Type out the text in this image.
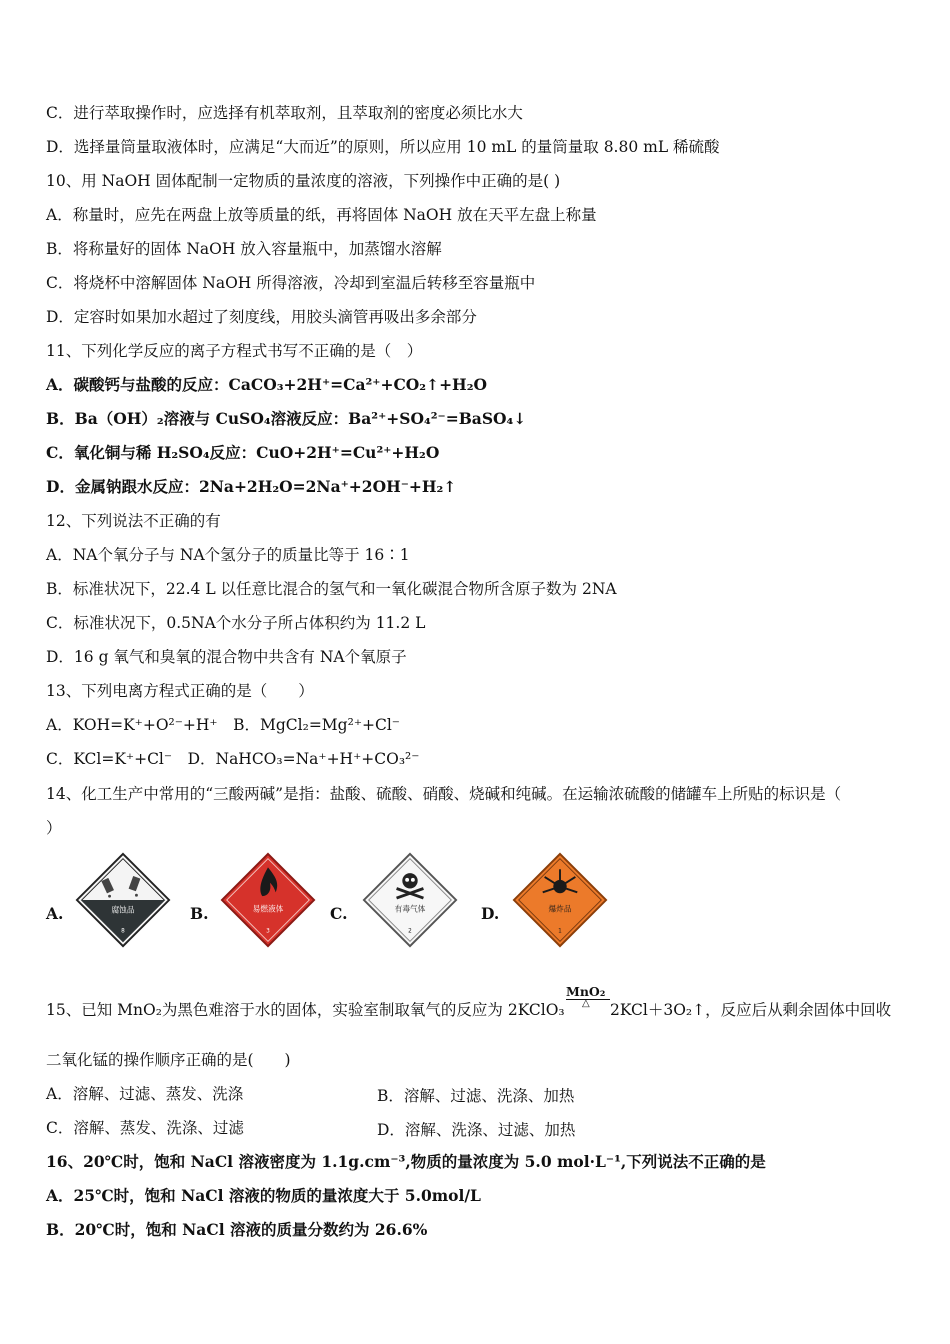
C．进行萃取操作时，应选择有机萃取剂，且萃取剂的密度必须比水大
D．选择量筒量取液体时，应满足“大而近”的原则，所以应用 10 mL 的量筒量取 8.80 mL 稀硫酸
10、用 NaOH 固体配制一定物质的量浓度的溶液，下列操作中正确的是( )
A．称量时，应先在两盘上放等质量的纸，再将固体 NaOH 放在天平左盘上称量
B．将称量好的固体 NaOH 放入容量瓶中，加蒸馏水溶解
C．将烧杯中溶解固体 NaOH 所得溶液，冷却到室温后转移至容量瓶中
D．定容时如果加水超过了刻度线，用胶头滴管再吸出多余部分
11、下列化学反应的离子方程式书写不正确的是（　）
A．碳酸钙与盐酸的反应：CaCO₃+2H⁺=Ca²⁺+CO₂↑+H₂O
B．Ba（OH）₂溶液与 CuSO₄溶液反应：Ba²⁺+SO₄²⁻=BaSO₄↓
C．氧化铜与稀 H₂SO₄反应：CuO+2H⁺=Cu²⁺+H₂O
D．金属钠跟水反应：2Na+2H₂O=2Na⁺+2OH⁻+H₂↑
12、下列说法不正确的有
A．NA个氧分子与 NA个氢分子的质量比等于 16∶1
B．标准状况下，22.4 L 以任意比混合的氢气和一氧化碳混合物所含原子数为 2NA
C．标准状况下，0.5NA个水分子所占体积约为 11.2 L
D．16 g 氧气和臭氧的混合物中共含有 NA个氧原子
13、下列电离方程式正确的是（　　）
A．KOH=K⁺+O²⁻+H⁺　B．MgCl₂=Mg²⁺+Cl⁻
C．KCl=K⁺+Cl⁻　D．NaHCO₃=Na⁺+H⁺+CO₃²⁻
14、化工生产中常用的“三酸两碱”是指：盐酸、硫酸、硝酸、烧碱和纯碱。在运输浓硫酸的储罐车上所贴的标识是（
）
A.	腐蚀品
8
B.	易燃液体
3
C.	有毒气体
2
D.	爆炸品
1
15、已知 MnO₂为黑色难溶于水的固体，实验室制取氧气的反应为 2KClO₃
MnO₂
△ 2KCl＋3O₂↑，反应后从剩余固体中回收
二氧化锰的操作顺序正确的是(　　)
A．溶解、过滤、蒸发、洗涤	B．溶解、过滤、洗涤、加热
C．溶解、蒸发、洗涤、过滤	D．溶解、洗涤、过滤、加热
16、20℃时，饱和 NaCl 溶液密度为 1.1g.cm⁻³,物质的量浓度为 5.0 mol·L⁻¹,下列说法不正确的是
A．25℃时，饱和 NaCl 溶液的物质的量浓度大于 5.0mol/L
B．20℃时，饱和 NaCl 溶液的质量分数约为 26.6%
